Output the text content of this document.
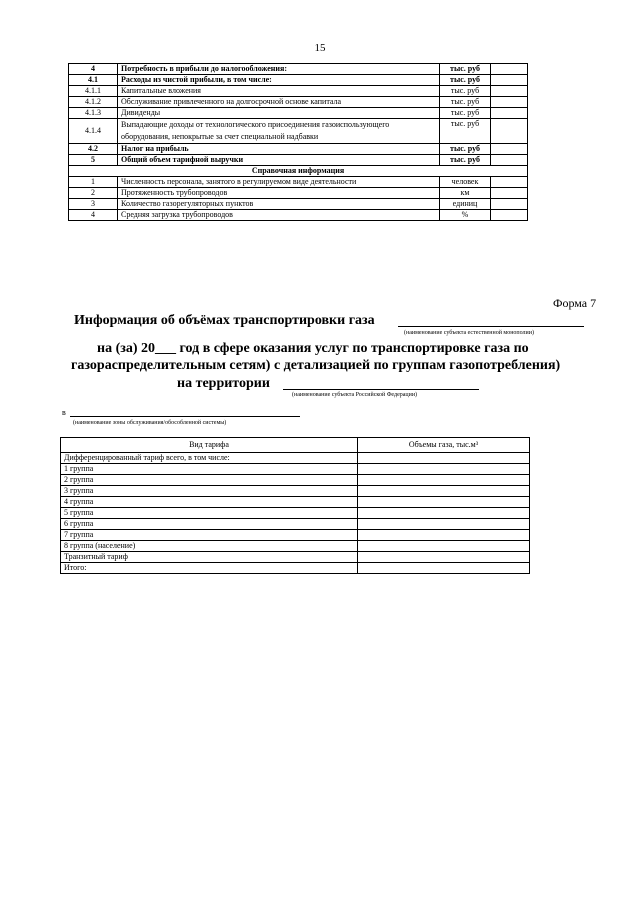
15
4	Потребность в прибыли до налогообложения:	тыс. руб	
4.1	Расходы из чистой прибыли, в том числе:	тыс. руб	
4.1.1	Капитальные вложения	тыс. руб	
4.1.2	Обслуживание привлеченного на долгосрочной основе капитала	тыс. руб	
4.1.3	Дивиденды	тыс. руб	
4.1.4	Выпадающие доходы от технологического присоединения газоиспользующего оборудования, непокрытые за счет специальной надбавки	тыс. руб	
4.2	Налог на прибыль	тыс. руб	
5	Общий объем тарифной выручки	тыс. руб	
Справочная информация			
1	Численность персонала, занятого в регулируемом виде деятельности	человек	
2	Протяженность трубопроводов	км	
3	Количество газорегуляторных пунктов	единиц	
4	Средняя загрузка трубопроводов	%	
Форма 7
Информация об объёмах транспортировки газа
(наименование субъекта естественной монополии)
на (за) 20___ год в сфере оказания услуг по транспортировке газа по
газораспределительным сетям) с детализацией по группам газопотребления)
на территории
(наименование субъекта Российской Федерации)
в
(наименование зоны обслуживания/обособленной системы)
Вид тарифа	Объемы газа, тыс.м³
Дифференцированный тариф всего, в том числе:	
1 группа	
2 группа	
3 группа	
4 группа	
5 группа	
6 группа	
7 группа	
8 группа (население)	
Транзитный тариф	
Итого:	
